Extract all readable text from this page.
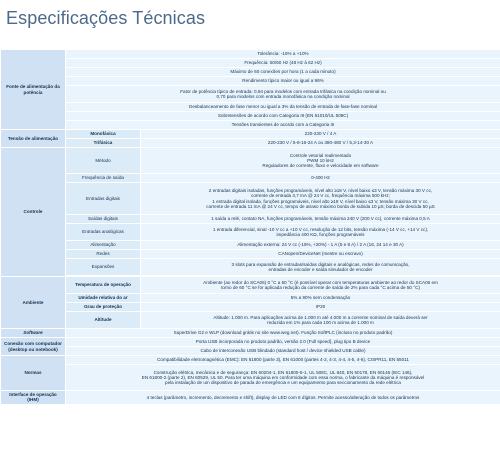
Especificações Técnicas
Fonte de alimentação da potência	Tolerância: -15% a +10%	
	Frequência: 50/60 Hz (48 Hz à 62 Hz)	
	Máximo de 60 conexões por hora (1 a cada minuto)	
	Rendimento típico maior ou igual a 96%	

	Fator de potência típico de entrada: 0,94 para modelos com entrada trifásica na condição nominal ou
0,70 para modelos com entrada monofásica na condição nominal	

	Desbalanceamento de fase menor ou igual a 3% da tensão de entrada de fase-fase nominal	
	Sobretensões de acordo com Categoria III (EN 61010/UL 508C)	
	Tensões transientes de acordo com a Categoria III	
Tensão de alimentação	Monofásica	220-230 V / 4 A
	Trifásica	220-230 V / 5-8-16-24 A ou 380-480 V / 5,3-14-30 A
Controle	Método	Controle vetorial realimentado
PWM 10 kHz
Reguladores de corrente, fluxo e velocidade em software

	Frequência de saída	0-400 Hz
	Entradas digitais	2 entradas digitais isoladas, funções programáveis, nível alto ≥18 V, nível baixo ≤3 V, tensão máxima 30 V cc,
corrente de entrada 3,7 mA @ 24 V cc, frequência máxima 500 kHz;
1 entrada digital isolada, funções programáveis, nível alto ≥18 V, nível baixo ≤3 V, tensão máxima 30 V cc,
corrente de entrada 11 mA @ 24 V cc, tempo de atraso máximo borda de subida 10 µS; borda de descida 50 µS

	Saídas digitais	1 saída a relé, contato NA, funções programáveis, tensão máxima 240 V (200 V cc), corrente máxima 0,5 A
	Entradas analógicas	1 entrada diferencial, sinal -10 V cc a +10 V cc, resolução de 12 bits, tensão máxima (-14 V cc, +14 V cc),
impedância 400 KΩ, funções programáveis

	Alimentação	Alimentação externa: 24 V cc (-15%, +20%) - 1 A (5 e 8 A) / 2 A (16, 24 14 e 30 A)
	Redes	CANopen/DeviceNet (mestre ou escravo)
	Expansões	3 slots para expansão de entradas/saídas digitais e analógicas, redes de comunicação,
entradas de encoder e saída simulador de encoder

Ambiente	Temperatura de operação	Ambiente (ao redor do SCA06) 0 °C a 50 °C (é possível operar com temperaturas ambiente ao redor do SCA06 em
torno de 60 °C se for aplicada redução da corrente de saída de 2% para cada °C acima de 50 °C)

	Umidade relativa do ar	5% a 90% sem condensação
	Grau de proteção	IP20
	Altitude	Altitude: 1.000 m. Para aplicações acima de 1.000 m até 4.000 m a corrente nominal de saída deverá ser
reduzida em 1% para cada 100 m acima de 1.000 m

Software	SuperDrive G2 e WLP (download grátis no site www.weg.net). Função SoftPLC (incluso no produto padrão)	
Conexão com computador (desktop ou notebook)	Porta USB incorporada no produto padrão, versão 2.0 (Full speed), plug tipo B device	
	Cabo de interconexão USB blindado (standard host / device shielded USB cable)	
Normas	Compatibilidade eletromagnética (EMC): EN 61800 (parte 3), EN 61000 (partes 4-2, 4-3, 4-4, 4-5, 4-6), CISPR11, EN 55011	

	Construção elétrica, mecânica e de segurança: EN 60204-1, EN 61800-5-1, UL 508C, UL 840, EN 50178, EN 60146 (IEC 146),
EN 61800-2 (parte 2), EN 60529, UL 50. Para ter uma máquina em conformidade com essa norma, o fabricante da máquina é responsável
pela instalação de um dispositivo de parada de emergência e um equipamento para seccionamento da rede elétrica	

Interface de operação (IHM)	4 teclas (parâmetro, incremento, decremento e shift), display de LED com 6 dígitos. Permite acesso/alteração de todos os parâmetros	
